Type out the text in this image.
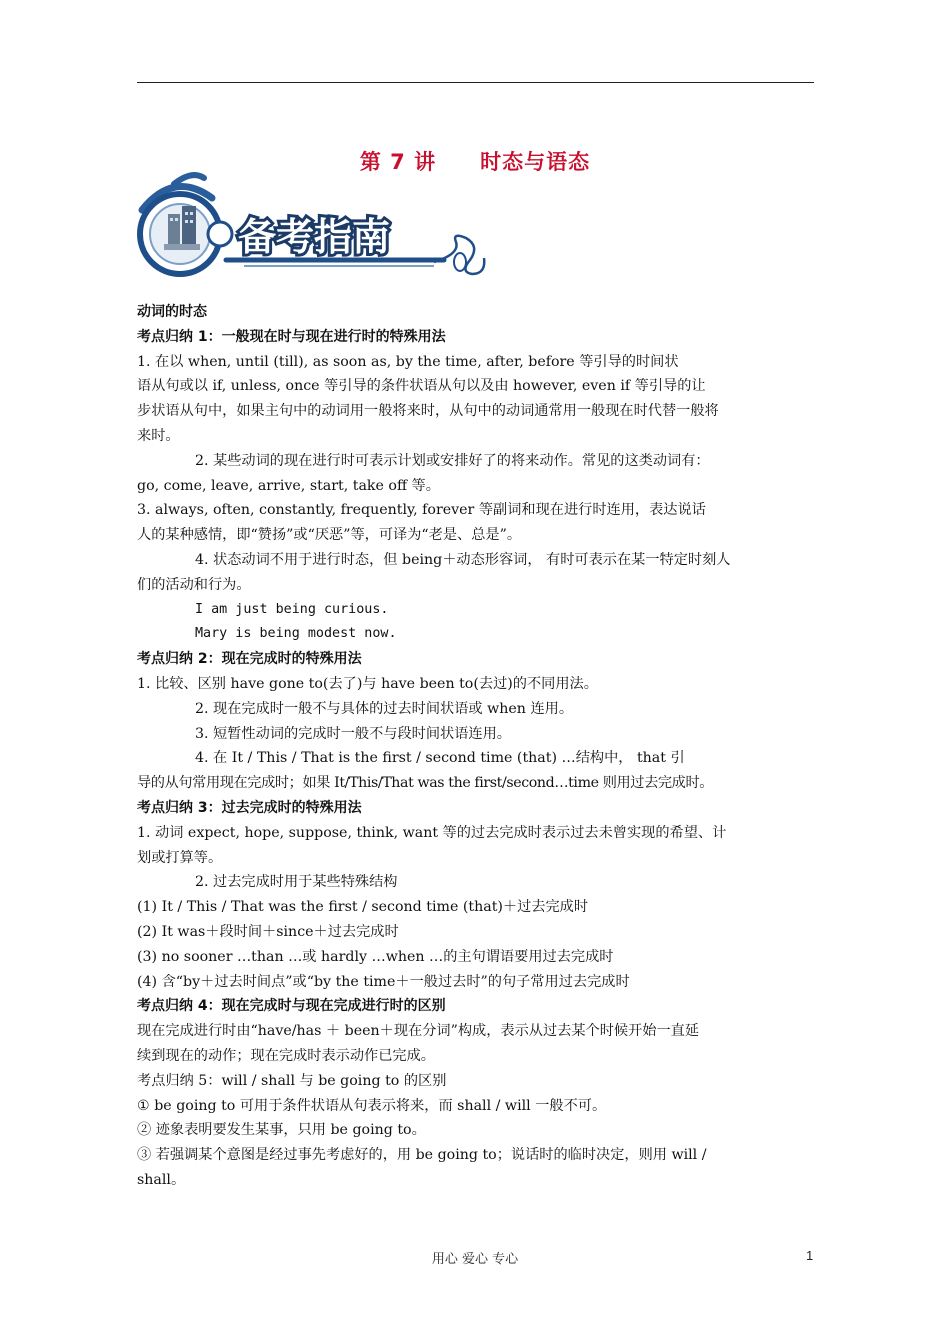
第 7 讲　　时态与语态
备考指南

动词的时态

考点归纳 1：一般现在时与现在进行时的特殊用法

1. 在以 when, until (till), as soon as, by the time, after, before 等引导的时间状

语从句或以 if, unless, once 等引导的条件状语从句以及由 however, even if 等引导的让

步状语从句中，如果主句中的动词用一般将来时，从句中的动词通常用一般现在时代替一般将

来时。

2. 某些动词的现在进行时可表示计划或安排好了的将来动作。常见的这类动词有：

go, come, leave, arrive, start, take off 等。

3. always, often, constantly, frequently, forever 等副词和现在进行时连用，表达说话

人的某种感情，即“赞扬”或“厌恶”等，可译为“老是、总是”。

4. 状态动词不用于进行时态，但 being＋动态形容词， 有时可表示在某一特定时刻人

们的活动和行为。

I am just being curious.

Mary is being modest now.

考点归纳 2：现在完成时的特殊用法

1. 比较、区别 have gone to(去了)与 have been to(去过)的不同用法。

2. 现在完成时一般不与具体的过去时间状语或 when 连用。

3. 短暂性动词的完成时一般不与段时间状语连用。

4. 在 It / This / That is the first / second time (that) …结构中， that 引

导的从句常用现在完成时；如果 It/This/That was the first/second…time 则用过去完成时。

考点归纳 3：过去完成时的特殊用法

1. 动词 expect, hope, suppose, think, want 等的过去完成时表示过去未曾实现的希望、计

划或打算等。

2. 过去完成时用于某些特殊结构

(1) It / This / That was the first / second time (that)＋过去完成时

(2) It was＋段时间＋since＋过去完成时

(3) no sooner …than …或 hardly …when …的主句谓语要用过去完成时

(4) 含“by＋过去时间点”或“by the time＋一般过去时”的句子常用过去完成时

考点归纳 4：现在完成时与现在完成进行时的区别

现在完成进行时由“have/has ＋ been＋现在分词”构成，表示从过去某个时候开始一直延

续到现在的动作；现在完成时表示动作已完成。

考点归纳 5：will / shall 与 be going to 的区别

① be going to 可用于条件状语从句表示将来，而 shall / will 一般不可。

② 迹象表明要发生某事，只用 be going to。

③ 若强调某个意图是经过事先考虑好的，用 be going to；说话时的临时决定，则用 will /

shall。

用心 爱心 专心	1
